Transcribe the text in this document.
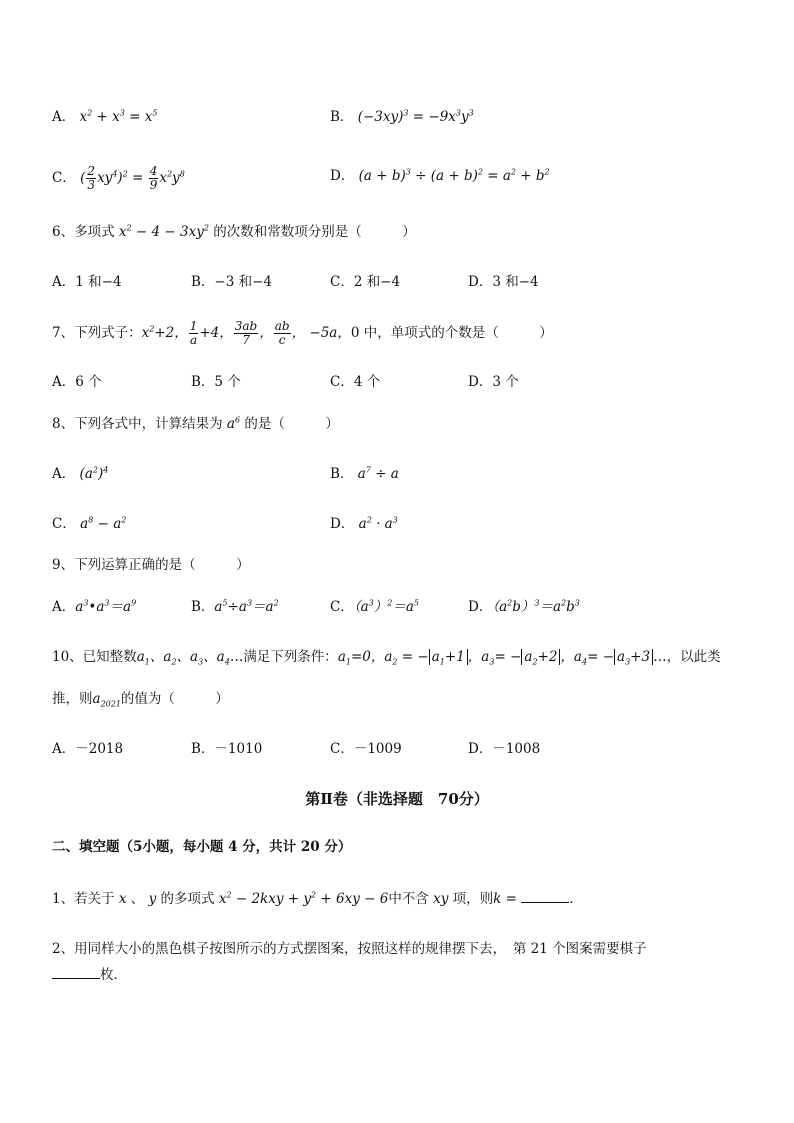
A． $x^2 + x^3 = x^5$	B． $(-3xy)^3 = -9x^3y^3$
C． ( $\frac{2}{3} xy^4)^2 = \frac{4}{9} x^2y^8$	D． $(a + b)^3 \div (a + b)^2 = a^2 + b^2$
6、多项式 $x^2 - 4 - 3xy^2$ 的次数和常数项分别是（　　　）
A．1 和−4	B．−3 和−4	C．2 和−4	D．3 和−4
7、下列式子：$x^2+2$， $\frac{1}{a} +4$， $\frac{3ab}{7}$ ， $\frac{ab}{c}$ ， −5a，0 中，单项式的个数是（　　　）
A．6 个	B．5 个	C．4 个	D．3 个
8、下列各式中，计算结果为 $a^6$ 的是（　　　）
A． $(a^2)^4$	B． $a^7 \div a$
C． $a^8 - a^2$	D． $a^2 \cdot a^3$
9、下列运算正确的是（　　　）
A．$a^3•a^3=a^9$	B．$a^5\div a^3=a^2$	C．$(a^3)^2=a^5$	D．$(a^2b)^3=a^2b^3$
10、已知整数$a_1$、$a_2$、$a_3$、$a_4\dots$满足下列条件：$a_1=0$，$a_2$ = − $a_1+1$ ，$a_3= - a_2+2$ ，$a_4= - a_3+3$ …，以此类
推，则$a_{2021}$的值为（　　　）
A．－2018	B．－1010	C．－1009	D．－1008
第Ⅱ卷（非选择题　70分）
二、填空题（5小题，每小题 4 分，共计 20 分）
1、若关于 x 、 y 的多项式 $x^2 - 2kxy + y^2 + 6xy - 6$中不含 xy 项，则k =	．
2、用同样大小的黑色棋子按图所示的方式摆图案，按照这样的规律摆下去，　第 21 个图案需要棋子
枚．
